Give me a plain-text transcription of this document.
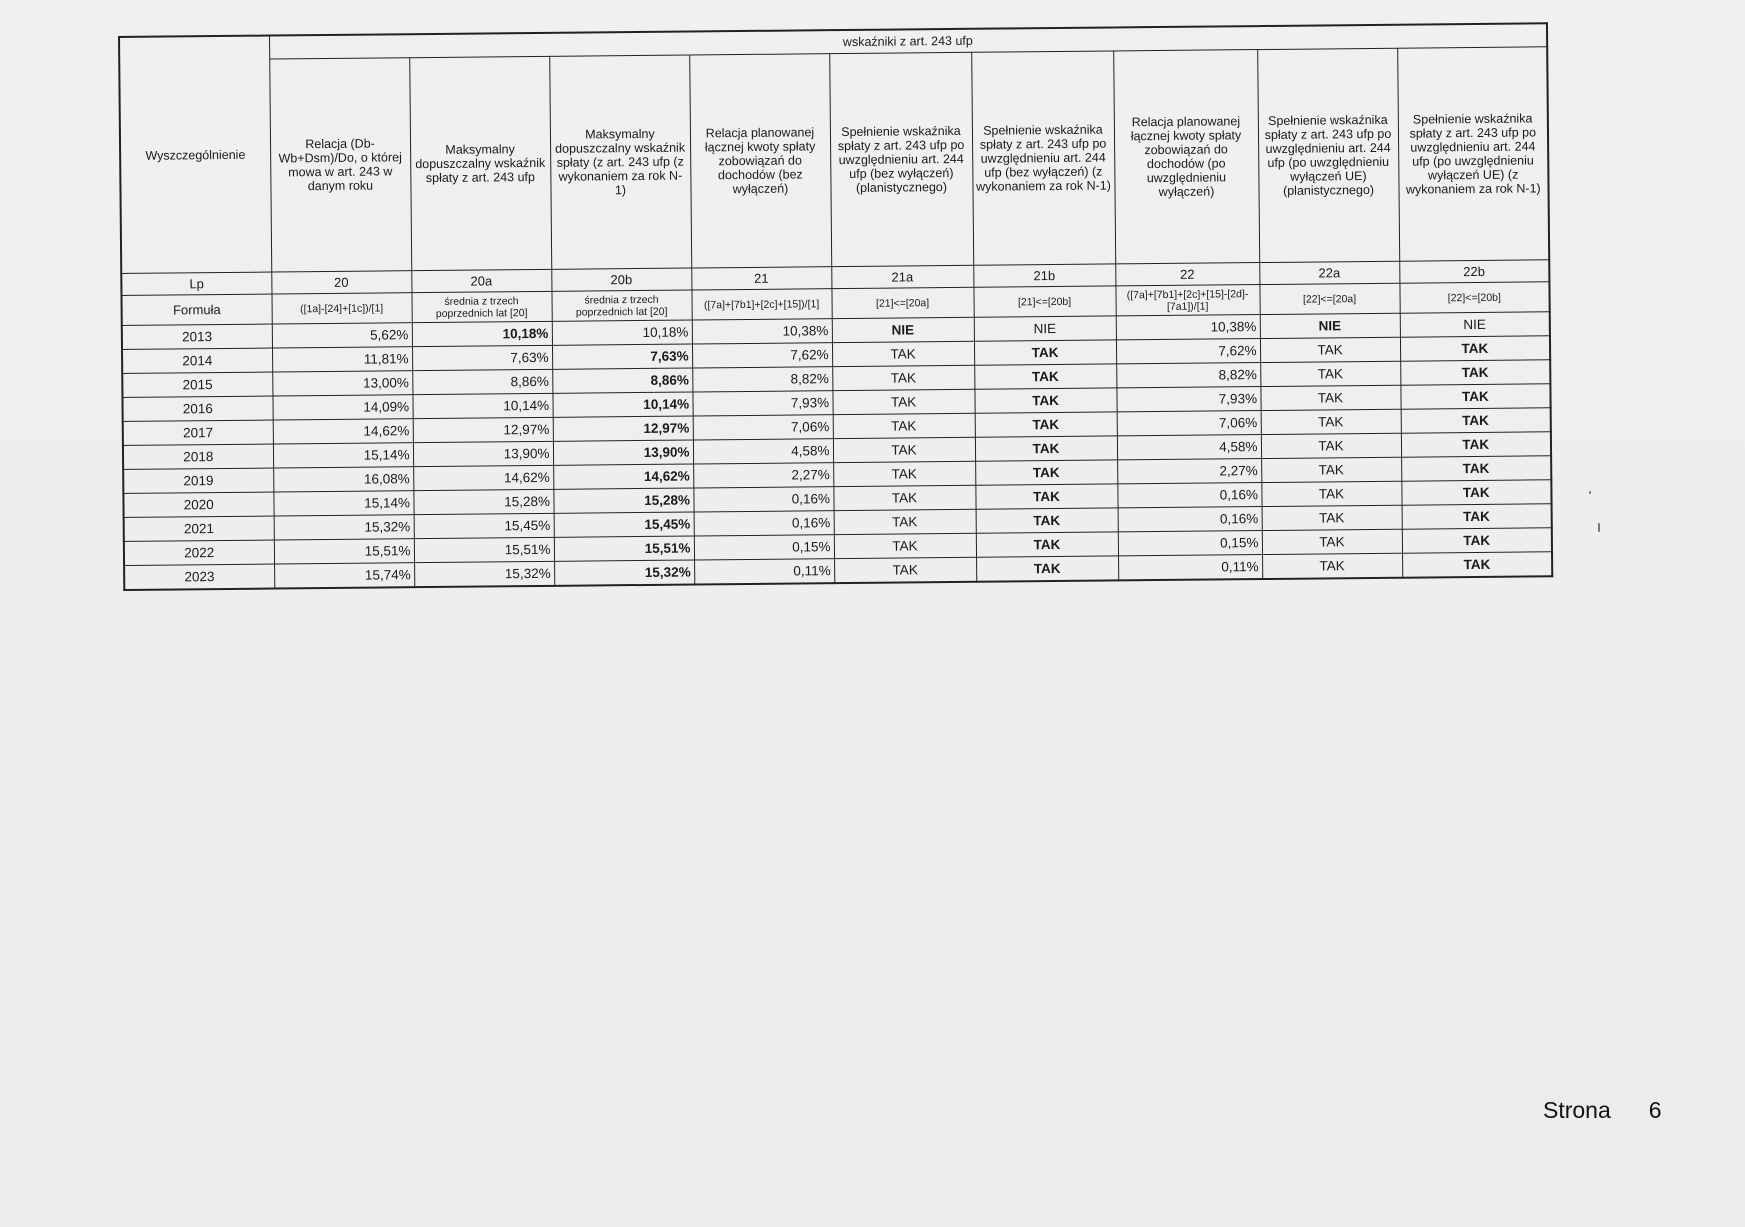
Wyszczególnienie	wskaźniki z art. 243 ufp								
	Relacja (Db-Wb+Dsm)/Do, o której mowa w art. 243 w danym roku	Maksymalny dopuszczalny wskaźnik spłaty z art. 243 ufp	Maksymalny dopuszczalny wskaźnik spłaty (z art. 243 ufp (z wykonaniem za rok N-1)	Relacja planowanej łącznej kwoty spłaty zobowiązań do dochodów (bez wyłączeń)	Spełnienie wskaźnika spłaty z art. 243 ufp po uwzględnieniu art. 244 ufp (bez wyłączeń) (planistycznego)	Spełnienie wskaźnika spłaty z art. 243 ufp po uwzględnieniu art. 244 ufp (bez wyłączeń) (z wykonaniem za rok N-1)	Relacja planowanej łącznej kwoty spłaty zobowiązań do dochodów (po uwzględnieniu wyłączeń)	Spełnienie wskaźnika spłaty z art. 243 ufp po uwzględnieniu art. 244 ufp (po uwzględnieniu wyłączeń UE) (planistycznego)	Spełnienie wskaźnika spłaty z art. 243 ufp po uwzględnieniu art. 244 ufp (po uwzględnieniu wyłączeń UE) (z wykonaniem za rok N-1)
Lp	20	20a	20b	21	21a	21b	22	22a	22b
Formuła	([1a]-[24]+[1c])/[1]	średnia z trzech poprzednich lat [20]	średnia z trzech poprzednich lat [20]	([7a]+[7b1]+[2c]+[15])/[1]	[21]<=[20a]	[21]<=[20b]	([7a]+[7b1]+[2c]+[15]-[2d]-[7a1])/[1]	[22]<=[20a]	[22]<=[20b]
2013	5,62%	10,18%	10,18%	10,38%	NIE	NIE	10,38%	NIE	NIE
2014	11,81%	7,63%	7,63%	7,62%	TAK	TAK	7,62%	TAK	TAK
2015	13,00%	8,86%	8,86%	8,82%	TAK	TAK	8,82%	TAK	TAK
2016	14,09%	10,14%	10,14%	7,93%	TAK	TAK	7,93%	TAK	TAK
2017	14,62%	12,97%	12,97%	7,06%	TAK	TAK	7,06%	TAK	TAK
2018	15,14%	13,90%	13,90%	4,58%	TAK	TAK	4,58%	TAK	TAK
2019	16,08%	14,62%	14,62%	2,27%	TAK	TAK	2,27%	TAK	TAK
2020	15,14%	15,28%	15,28%	0,16%	TAK	TAK	0,16%	TAK	TAK
2021	15,32%	15,45%	15,45%	0,16%	TAK	TAK	0,16%	TAK	TAK
2022	15,51%	15,51%	15,51%	0,15%	TAK	TAK	0,15%	TAK	TAK
2023	15,74%	15,32%	15,32%	0,11%	TAK	TAK	0,11%	TAK	TAK
Strona 6
